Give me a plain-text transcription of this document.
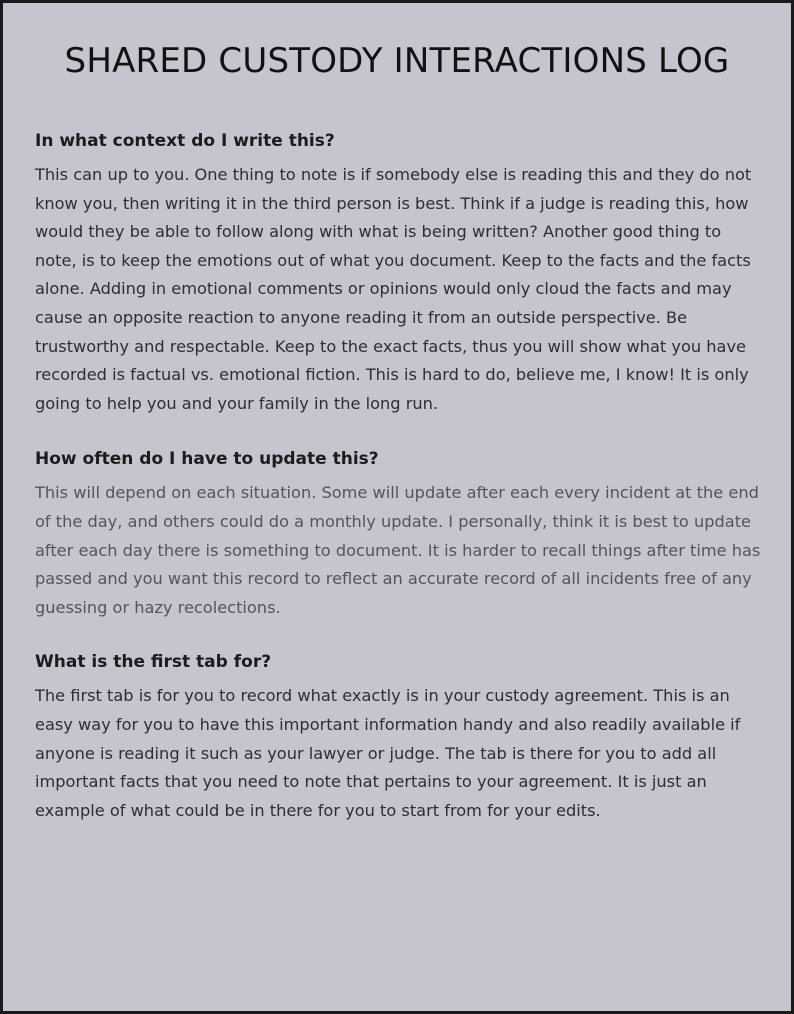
SHARED CUSTODY INTERACTIONS LOG
In what context do I write this?

This can up to you. One thing to note is if somebody else is reading this and they do not know you, then writing it in the third person is best. Think if a judge is reading this, how would they be able to follow along with what is being written? Another good thing to note, is to keep the emotions out of what you document. Keep to the facts and the facts alone. Adding in emotional comments or opinions would only cloud the facts and may cause an opposite reaction to anyone reading it from an outside perspective. Be trustworthy and respectable. Keep to the exact facts, thus you will show what you have recorded is factual vs. emotional fiction. This is hard to do, believe me, I know! It is only going to help you and your family in the long run.

How often do I have to update this?

This will depend on each situation. Some will update after each every incident at the end of the day, and others could do a monthly update. I personally, think it is best to update after each day there is something to document. It is harder to recall things after time has passed and you want this record to reflect an accurate record of all incidents free of any guessing or hazy recolections.

What is the first tab for?

The first tab is for you to record what exactly is in your custody agreement. This is an easy way for you to have this important information handy and also readily available if anyone is reading it such as your lawyer or judge. The tab is there for you to add all important facts that you need to note that pertains to your agreement. It is just an example of what could be in there for you to start from for your edits.
